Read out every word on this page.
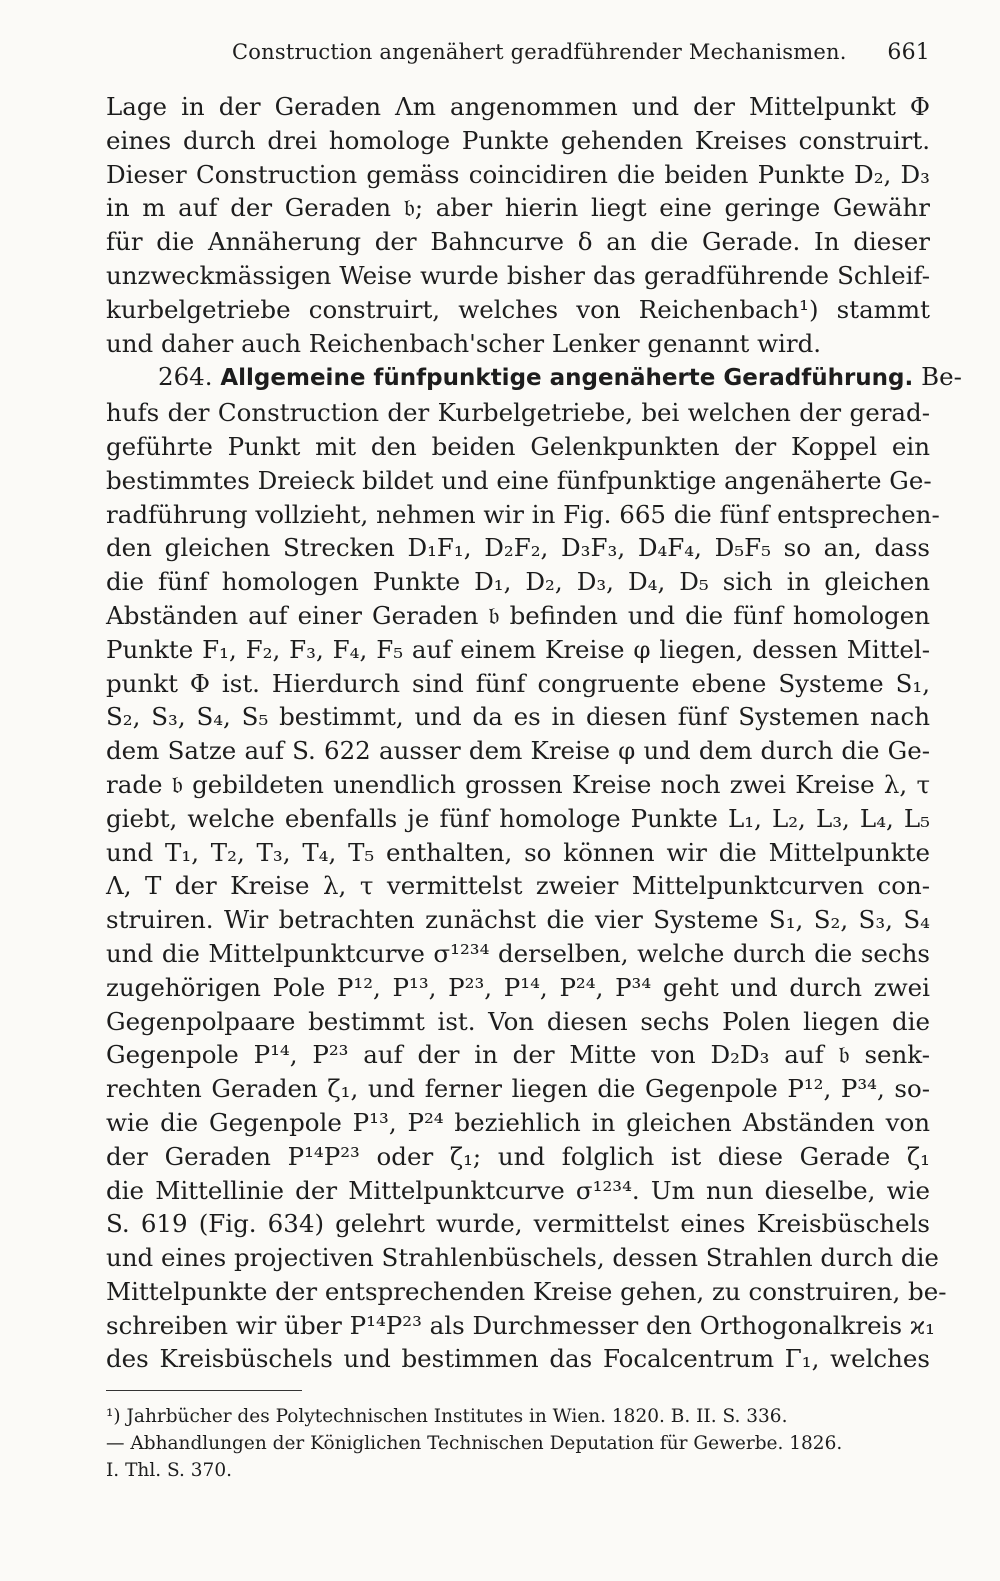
Construction angenähert geradführender Mechanismen. 661
Lage in der Geraden Λm angenommen und der Mittelpunkt Φ
eines durch drei homologe Punkte gehenden Kreises construirt.
Dieser Construction gemäss coincidiren die beiden Punkte D₂, D₃
in m auf der Geraden 𝔟; aber hierin liegt eine geringe Gewähr
für die Annäherung der Bahncurve δ an die Gerade. In dieser
unzweckmässigen Weise wurde bisher das geradführende Schleif-
kurbelgetriebe construirt, welches von Reichenbach¹) stammt
und daher auch Reichenbach'scher Lenker genannt wird.
264. Allgemeine fünfpunktige angenäherte Geradführung. Be-
hufs der Construction der Kurbelgetriebe, bei welchen der gerad-
geführte Punkt mit den beiden Gelenkpunkten der Koppel ein
bestimmtes Dreieck bildet und eine fünfpunktige angenäherte Ge-
radführung vollzieht, nehmen wir in Fig. 665 die fünf entsprechen-
den gleichen Strecken D₁F₁, D₂F₂, D₃F₃, D₄F₄, D₅F₅ so an, dass
die fünf homologen Punkte D₁, D₂, D₃, D₄, D₅ sich in gleichen
Abständen auf einer Geraden 𝔟 befinden und die fünf homologen
Punkte F₁, F₂, F₃, F₄, F₅ auf einem Kreise φ liegen, dessen Mittel-
punkt Φ ist. Hierdurch sind fünf congruente ebene Systeme S₁,
S₂, S₃, S₄, S₅ bestimmt, und da es in diesen fünf Systemen nach
dem Satze auf S. 622 ausser dem Kreise φ und dem durch die Ge-
rade 𝔟 gebildeten unendlich grossen Kreise noch zwei Kreise λ, τ
giebt, welche ebenfalls je fünf homologe Punkte L₁, L₂, L₃, L₄, L₅
und T₁, T₂, T₃, T₄, T₅ enthalten, so können wir die Mittelpunkte
Λ, T der Kreise λ, τ vermittelst zweier Mittelpunktcurven con-
struiren. Wir betrachten zunächst die vier Systeme S₁, S₂, S₃, S₄
und die Mittelpunktcurve σ¹²³⁴ derselben, welche durch die sechs
zugehörigen Pole P¹², P¹³, P²³, P¹⁴, P²⁴, P³⁴ geht und durch zwei
Gegenpolpaare bestimmt ist. Von diesen sechs Polen liegen die
Gegenpole P¹⁴, P²³ auf der in der Mitte von D₂D₃ auf 𝔟 senk-
rechten Geraden ζ₁, und ferner liegen die Gegenpole P¹², P³⁴, so-
wie die Gegenpole P¹³, P²⁴ beziehlich in gleichen Abständen von
der Geraden P¹⁴P²³ oder ζ₁; und folglich ist diese Gerade ζ₁
die Mittellinie der Mittelpunktcurve σ¹²³⁴. Um nun dieselbe, wie
S. 619 (Fig. 634) gelehrt wurde, vermittelst eines Kreisbüschels
und eines projectiven Strahlenbüschels, dessen Strahlen durch die
Mittelpunkte der entsprechenden Kreise gehen, zu construiren, be-
schreiben wir über P¹⁴P²³ als Durchmesser den Orthogonalkreis ϰ₁
des Kreisbüschels und bestimmen das Focalcentrum Γ₁, welches
¹) Jahrbücher des Polytechnischen Institutes in Wien. 1820. B. II. S. 336.
— Abhandlungen der Königlichen Technischen Deputation für Gewerbe. 1826.
I. Thl. S. 370.
